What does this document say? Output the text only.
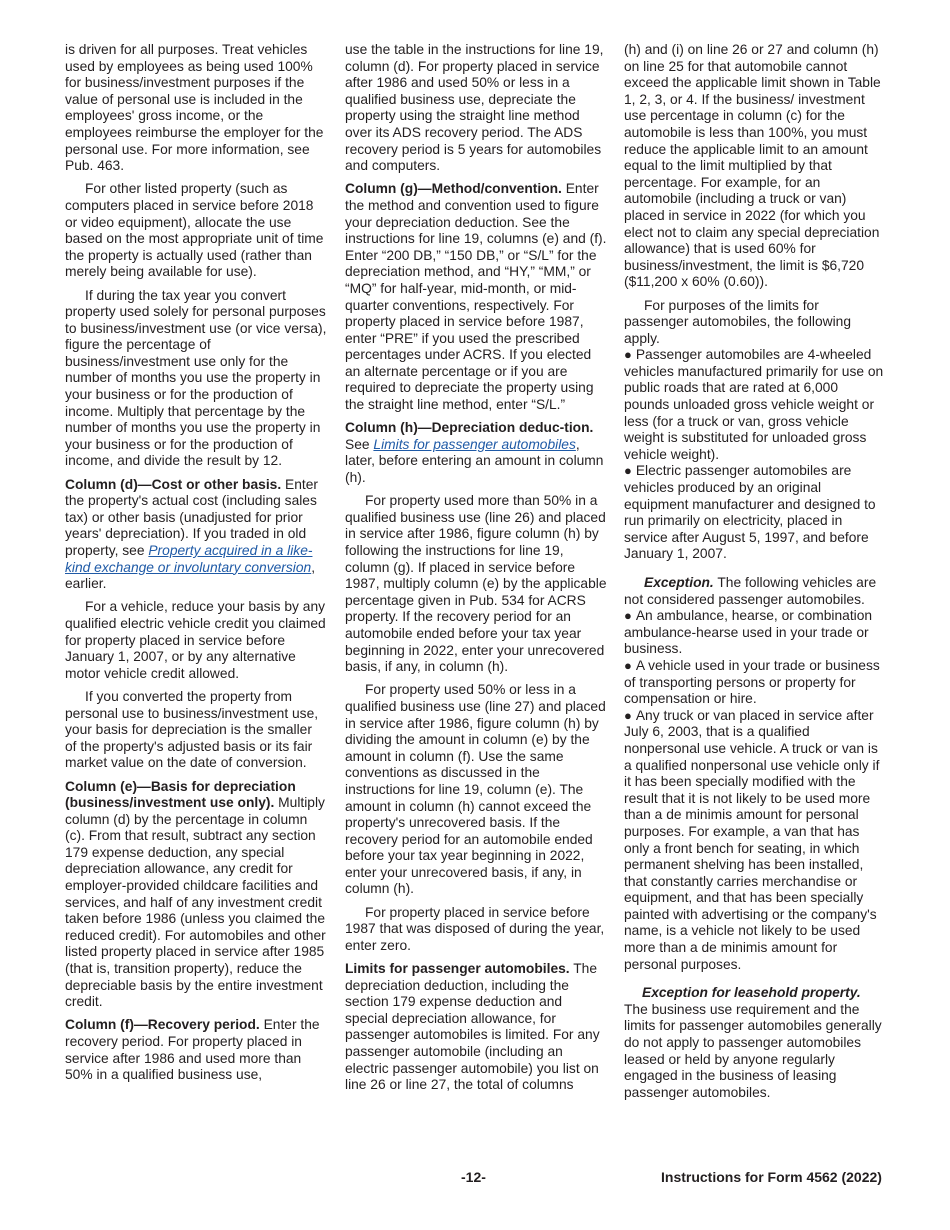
is driven for all purposes. Treat vehicles used by employees as being used 100% for business/investment purposes if the value of personal use is included in the employees' gross income, or the employees reimburse the employer for the personal use. For more information, see Pub. 463.

For other listed property (such as computers placed in service before 2018 or video equipment), allocate the use based on the most appropriate unit of time the property is actually used (rather than merely being available for use).

If during the tax year you convert property used solely for personal purposes to business/investment use (or vice versa), figure the percentage of business/investment use only for the number of months you use the property in your business or for the production of income. Multiply that percentage by the number of months you use the property in your business or for the production of income, and divide the result by 12.

Column (d)—Cost or other basis. Enter the property's actual cost (including sales tax) or other basis (unadjusted for prior years' depreciation). If you traded in old property, see Property acquired in a like-kind exchange or involuntary conversion, earlier.

For a vehicle, reduce your basis by any qualified electric vehicle credit you claimed for property placed in service before January 1, 2007, or by any alternative motor vehicle credit allowed.

If you converted the property from personal use to business/investment use, your basis for depreciation is the smaller of the property's adjusted basis or its fair market value on the date of conversion.

Column (e)—Basis for depreciation (business/investment use only). Multiply column (d) by the percentage in column (c). From that result, subtract any section 179 expense deduction, any special depreciation allowance, any credit for employer-provided childcare facilities and services, and half of any investment credit taken before 1986 (unless you claimed the reduced credit). For automobiles and other listed property placed in service after 1985 (that is, transition property), reduce the depreciable basis by the entire investment credit.

Column (f)—Recovery period. Enter the recovery period. For property placed in service after 1986 and used more than 50% in a qualified business use,

use the table in the instructions for line 19, column (d). For property placed in service after 1986 and used 50% or less in a qualified business use, depreciate the property using the straight line method over its ADS recovery period. The ADS recovery period is 5 years for automobiles and computers.

Column (g)—Method/convention. Enter the method and convention used to figure your depreciation deduction. See the instructions for line 19, columns (e) and (f). Enter “200 DB,” “150 DB,” or “S/L” for the depreciation method, and “HY,” “MM,” or “MQ” for half-year, mid-month, or mid-quarter conventions, respectively. For property placed in service before 1987, enter “PRE” if you used the prescribed percentages under ACRS. If you elected an alternate percentage or if you are required to depreciate the property using the straight line method, enter “S/L.”

Column (h)—Depreciation deduc-tion. See Limits for passenger automobiles, later, before entering an amount in column (h).

For property used more than 50% in a qualified business use (line 26) and placed in service after 1986, figure column (h) by following the instructions for line 19, column (g). If placed in service before 1987, multiply column (e) by the applicable percentage given in Pub. 534 for ACRS property. If the recovery period for an automobile ended before your tax year beginning in 2022, enter your unrecovered basis, if any, in column (h).

For property used 50% or less in a qualified business use (line 27) and placed in service after 1986, figure column (h) by dividing the amount in column (e) by the amount in column (f). Use the same conventions as discussed in the instructions for line 19, column (e). The amount in column (h) cannot exceed the property's unrecovered basis. If the recovery period for an automobile ended before your tax year beginning in 2022, enter your unrecovered basis, if any, in column (h).

For property placed in service before 1987 that was disposed of during the year, enter zero.

Limits for passenger automobiles. The depreciation deduction, including the section 179 expense deduction and special depreciation allowance, for passenger automobiles is limited. For any passenger automobile (including an electric passenger automobile) you list on line 26 or line 27, the total of columns

(h) and (i) on line 26 or 27 and column (h) on line 25 for that automobile cannot exceed the applicable limit shown in Table 1, 2, 3, or 4. If the business/ investment use percentage in column (c) for the automobile is less than 100%, you must reduce the applicable limit to an amount equal to the limit multiplied by that percentage. For example, for an automobile (including a truck or van) placed in service in 2022 (for which you elect not to claim any special depreciation allowance) that is used 60% for business/investment, the limit is $6,720 ($11,200 x 60% (0.60)).

For purposes of the limits for passenger automobiles, the following apply.

● Passenger automobiles are 4-wheeled vehicles manufactured primarily for use on public roads that are rated at 6,000 pounds unloaded gross vehicle weight or less (for a truck or van, gross vehicle weight is substituted for unloaded gross vehicle weight).

● Electric passenger automobiles are vehicles produced by an original equipment manufacturer and designed to run primarily on electricity, placed in service after August 5, 1997, and before January 1, 2007.

Exception. The following vehicles are not considered passenger automobiles.

● An ambulance, hearse, or combination ambulance-hearse used in your trade or business.

● A vehicle used in your trade or business of transporting persons or property for compensation or hire.

● Any truck or van placed in service after July 6, 2003, that is a qualified nonpersonal use vehicle. A truck or van is a qualified nonpersonal use vehicle only if it has been specially modified with the result that it is not likely to be used more than a de minimis amount for personal purposes. For example, a van that has only a front bench for seating, in which permanent shelving has been installed, that constantly carries merchandise or equipment, and that has been specially painted with advertising or the company's name, is a vehicle not likely to be used more than a de minimis amount for personal purposes.

Exception for leasehold property. The business use requirement and the limits for passenger automobiles generally do not apply to passenger automobiles leased or held by anyone regularly engaged in the business of leasing passenger automobiles.

-12-	Instructions for Form 4562 (2022)
